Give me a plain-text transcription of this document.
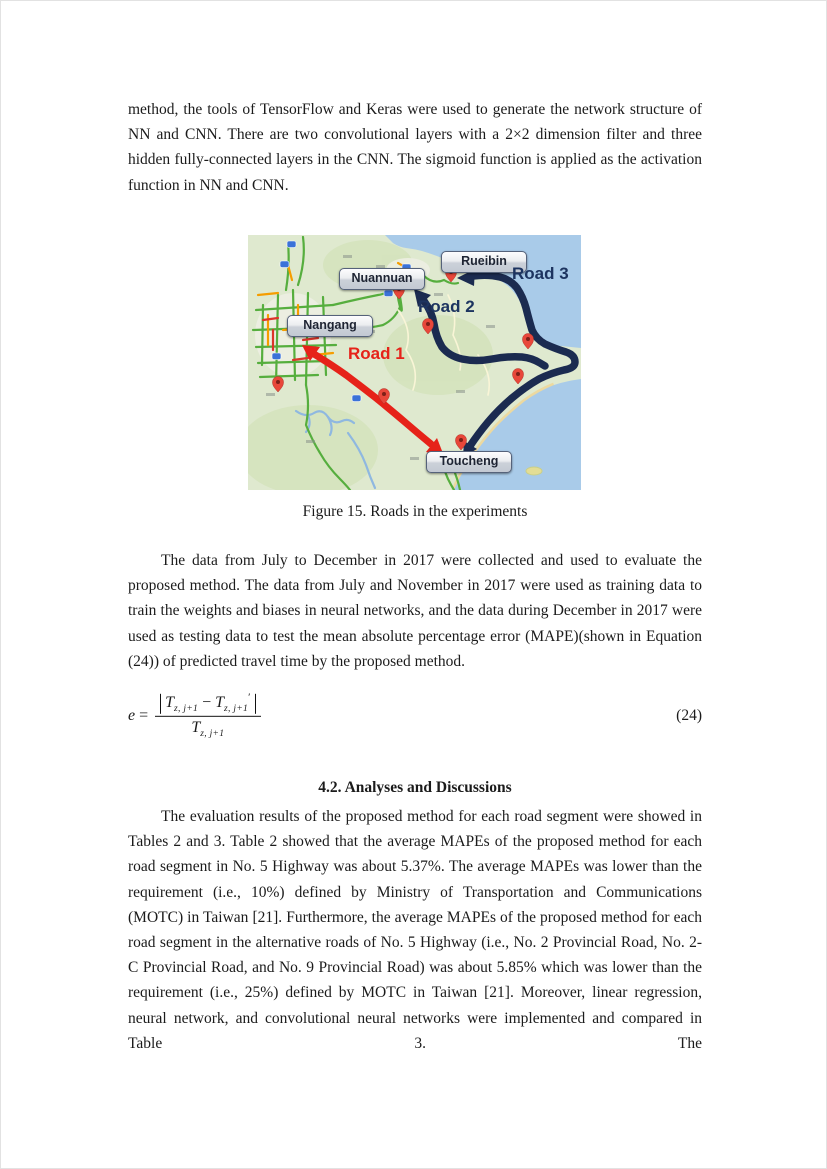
method, the tools of TensorFlow and Keras were used to generate the network structure of NN and CNN. There are two convolutional layers with a 2×2 dimension filter and three hidden fully-connected layers in the CNN. The sigmoid function is applied as the activation function in NN and CNN.

Nuannuan
Rueibin
Nangang
Toucheng
Road 1
Road 2
Road 3

Figure 15. Roads in the experiments

The data from July to December in 2017 were collected and used to evaluate the proposed method. The data from July and November in 2017 were used as training data to train the weights and biases in neural networks, and the data during December in 2017 were used as testing data to test the mean absolute percentage error (MAPE)(shown in Equation (24)) of predicted travel time by the proposed method.

$e = \frac{T_{z, j+1} - T_{z, j+1}'}{T_{z, j+1}}$	(24)
4.2. Analyses and Discussions

The evaluation results of the proposed method for each road segment were showed in Tables 2 and 3. Table 2 showed that the average MAPEs of the proposed method for each road segment in No. 5 Highway was about 5.37%. The average MAPEs was lower than the requirement (i.e., 10%) defined by Ministry of Transportation and Communications (MOTC) in Taiwan [21]. Furthermore, the average MAPEs of the proposed method for each road segment in the alternative roads of No. 5 Highway (i.e., No. 2 Provincial Road, No. 2-C Provincial Road, and No. 9 Provincial Road) was about 5.85% which was lower than the requirement (i.e., 25%) defined by MOTC in Taiwan [21]. Moreover, linear regression, neural network, and convolutional neural networks were implemented and compared in Table 3. The
